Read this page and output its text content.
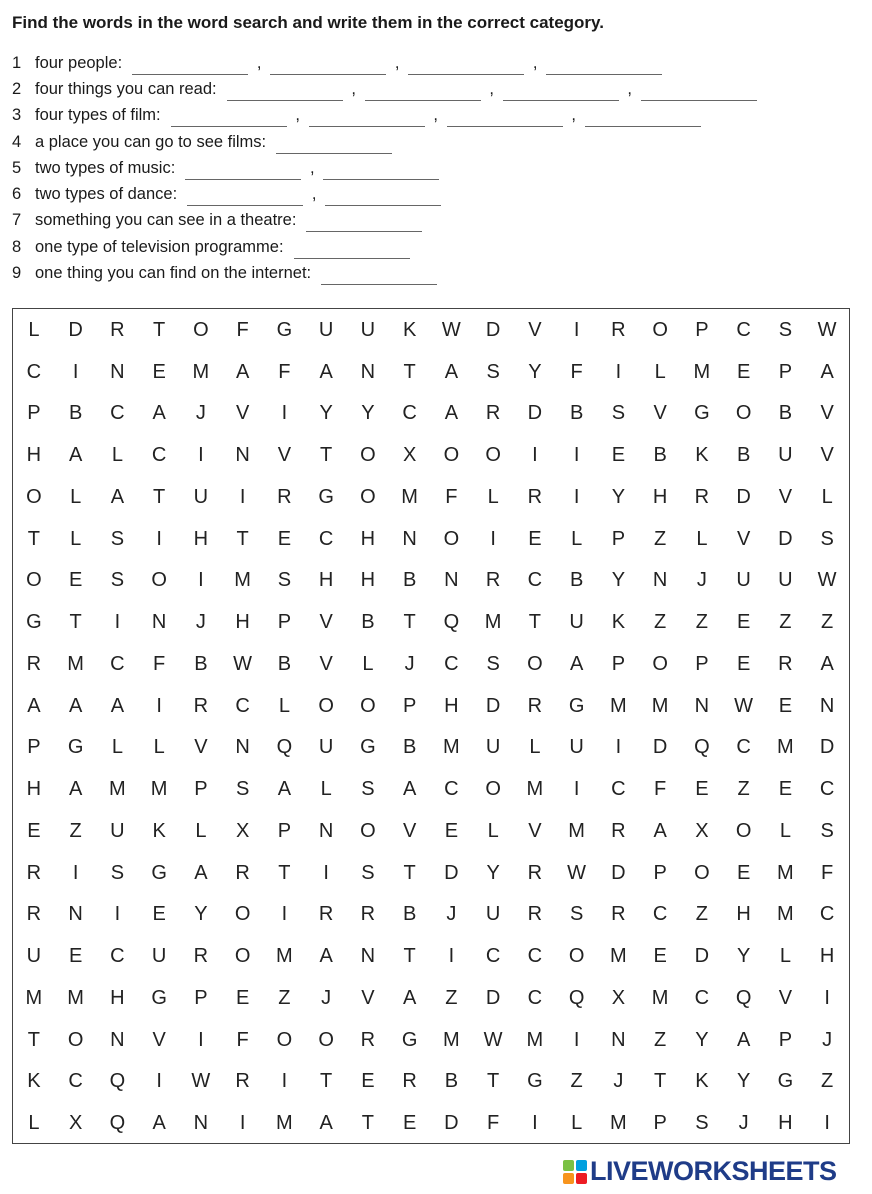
Find the words in the word search and write them in the correct category.
1 four people:	,	,	,
2 four things you can read:	,	,	,
3 four types of film:	,	,	,
4 a place you can go to see films:
5 two types of music:	,
6 two types of dance:	,
7 something you can see in a theatre:
8 one type of television programme:
9 one thing you can find on the internet:
L	D	R	T	O	F	G	U	U	K	W	D	V	I	R	O	P	C	S	W
C	I	N	E	M	A	F	A	N	T	A	S	Y	F	I	L	M	E	P	A
P	B	C	A	J	V	I	Y	Y	C	A	R	D	B	S	V	G	O	B	V
H	A	L	C	I	N	V	T	O	X	O	O	I	I	E	B	K	B	U	V
O	L	A	T	U	I	R	G	O	M	F	L	R	I	Y	H	R	D	V	L
T	L	S	I	H	T	E	C	H	N	O	I	E	L	P	Z	L	V	D	S
O	E	S	O	I	M	S	H	H	B	N	R	C	B	Y	N	J	U	U	W
G	T	I	N	J	H	P	V	B	T	Q	M	T	U	K	Z	Z	E	Z	Z
R	M	C	F	B	W	B	V	L	J	C	S	O	A	P	O	P	E	R	A
A	A	A	I	R	C	L	O	O	P	H	D	R	G	M	M	N	W	E	N
P	G	L	L	V	N	Q	U	G	B	M	U	L	U	I	D	Q	C	M	D
H	A	M	M	P	S	A	L	S	A	C	O	M	I	C	F	E	Z	E	C
E	Z	U	K	L	X	P	N	O	V	E	L	V	M	R	A	X	O	L	S
R	I	S	G	A	R	T	I	S	T	D	Y	R	W	D	P	O	E	M	F
R	N	I	E	Y	O	I	R	R	B	J	U	R	S	R	C	Z	H	M	C
U	E	C	U	R	O	M	A	N	T	I	C	C	O	M	E	D	Y	L	H
M	M	H	G	P	E	Z	J	V	A	Z	D	C	Q	X	M	C	Q	V	I
T	O	N	V	I	F	O	O	R	G	M	W	M	I	N	Z	Y	A	P	J
K	C	Q	I	W	R	I	T	E	R	B	T	G	Z	J	T	K	Y	G	Z
L	X	Q	A	N	I	M	A	T	E	D	F	I	L	M	P	S	J	H	I
LIVEWORKSHEETS
